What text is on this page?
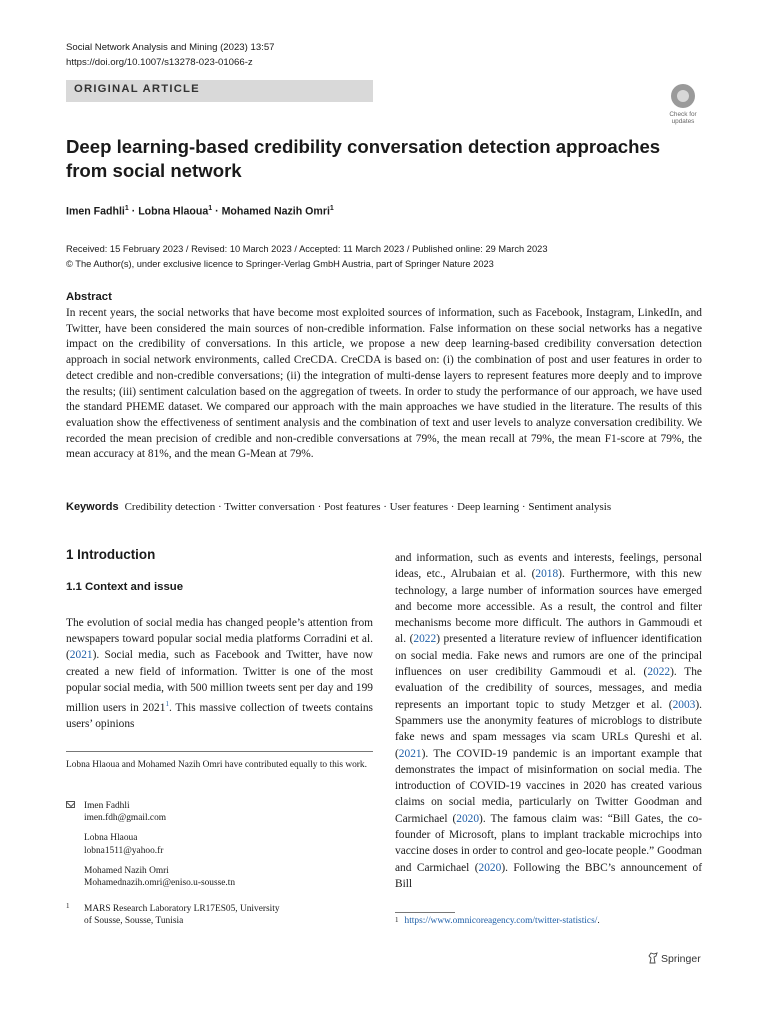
Social Network Analysis and Mining (2023) 13:57
https://doi.org/10.1007/s13278-023-01066-z
ORIGINAL ARTICLE
Check for
updates
Deep learning-based credibility conversation detection approaches from social network
Imen Fadhli$^1$ · Lobna Hlaoua$^1$ · Mohamed Nazih Omri$^1$
Received: 15 February 2023 / Revised: 10 March 2023 / Accepted: 11 March 2023 / Published online: 29 March 2023
© The Author(s), under exclusive licence to Springer-Verlag GmbH Austria, part of Springer Nature 2023
Abstract
In recent years, the social networks that have become most exploited sources of information, such as Facebook, Instagram, LinkedIn, and Twitter, have been considered the main sources of non-credible information. False information on these social networks has a negative impact on the credibility of conversations. In this article, we propose a new deep learning-based credibility conversation detection approach in social network environments, called CreCDA. CreCDA is based on: (i) the combination of post and user features in order to detect credible and non-credible conversations; (ii) the integration of multi-dense layers to represent features more deeply and to improve the results; (iii) sentiment calculation based on the aggregation of tweets. In order to study the performance of our approach, we have used the standard PHEME dataset. We compared our approach with the main approaches we have studied in the literature. The results of this evaluation show the effectiveness of sentiment analysis and the combination of text and user levels to analyze conversation credibility. We recorded the mean precision of credible and non-credible conversations at 79%, the mean recall at 79%, the mean F1-score at 79%, the mean accuracy at 81%, and the mean G-Mean at 79%.
Keywords Credibility detection · Twitter conversation · Post features · User features · Deep learning · Sentiment analysis
1 Introduction
1.1 Context and issue
The evolution of social media has changed people’s attention from newspapers toward popular social media platforms Corradini et al. (2021). Social media, such as Facebook and Twitter, have now created a new field of information. Twitter is one of the most popular social media, with 500 million tweets sent per day and 199 million users in 2021$^1$. This massive collection of tweets contains users’ opinions
Lobna Hlaoua and Mohamed Nazih Omri have contributed equally to this work.
Imen Fadhli
imen.fdh@gmail.com
Lobna Hlaoua
lobna1511@yahoo.fr
Mohamed Nazih Omri
Mohamednazih.omri@eniso.u-sousse.tn
1 MARS Research Laboratory LR17ES05, University
of Sousse, Sousse, Tunisia
and information, such as events and interests, feelings, personal ideas, etc., Alrubaian et al. (2018). Furthermore, with this new technology, a large number of information sources have emerged and become more accessible. As a result, the control and filter mechanisms become more difficult. The authors in Gammoudi et al. (2022) presented a literature review of influencer identification on social media. Fake news and rumors are one of the principal influences on user credibility Gammoudi et al. (2022). The evaluation of the credibility of sources, messages, and media represents an important topic to study Metzger et al. (2003). Spammers use the anonymity features of microblogs to distribute fake news and spam messages via scam URLs Qureshi et al. (2021). The COVID-19 pandemic is an important example that demonstrates the impact of misinformation on social media. The introduction of COVID-19 vaccines in 2020 has created various claims on social media, particularly on Twitter Goodman and Carmichael (2020). The famous claim was: “Bill Gates, the co-founder of Microsoft, plans to implant trackable microchips into vaccine doses in order to control and geo-locate people.” Goodman and Carmichael (2020). Following the BBC’s announcement of Bill
$^1$ https://www.omnicoreagency.com/twitter-statistics/.
Springer
